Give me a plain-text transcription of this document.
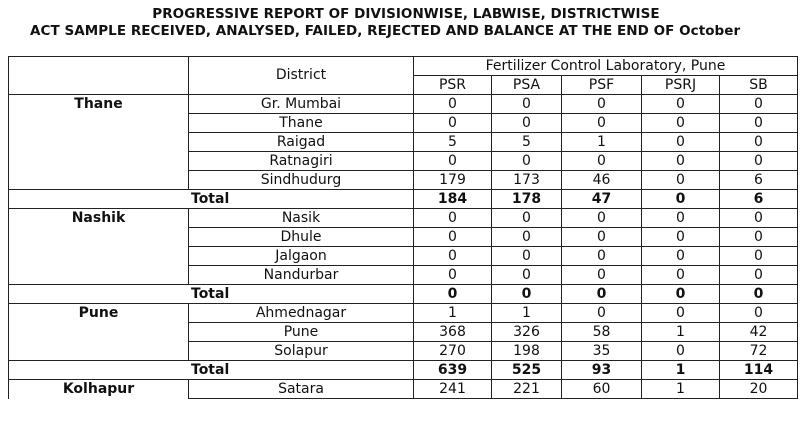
PROGRESSIVE REPORT OF DIVISIONWISE, LABWISE, DISTRICTWISE
ACT SAMPLE RECEIVED, ANALYSED, FAILED, REJECTED AND BALANCE AT THE END OF October
	District	Fertilizer Control Laboratory, Pune				
		PSR	PSA	PSF	PSRJ	SB
Thane	Gr. Mumbai	0	0	0	0	0
	Thane	0	0	0	0	0
	Raigad	5	5	1	0	0
	Ratnagiri	0	0	0	0	0
	Sindhudurg	179	173	46	0	6
Total		184	178	47	0	6
Nashik	Nasik	0	0	0	0	0
	Dhule	0	0	0	0	0
	Jalgaon	0	0	0	0	0
	Nandurbar	0	0	0	0	0
Total		0	0	0	0	0
Pune	Ahmednagar	1	1	0	0	0
	Pune	368	326	58	1	42
	Solapur	270	198	35	0	72
Total		639	525	93	1	114
Kolhapur	Satara	241	221	60	1	20
